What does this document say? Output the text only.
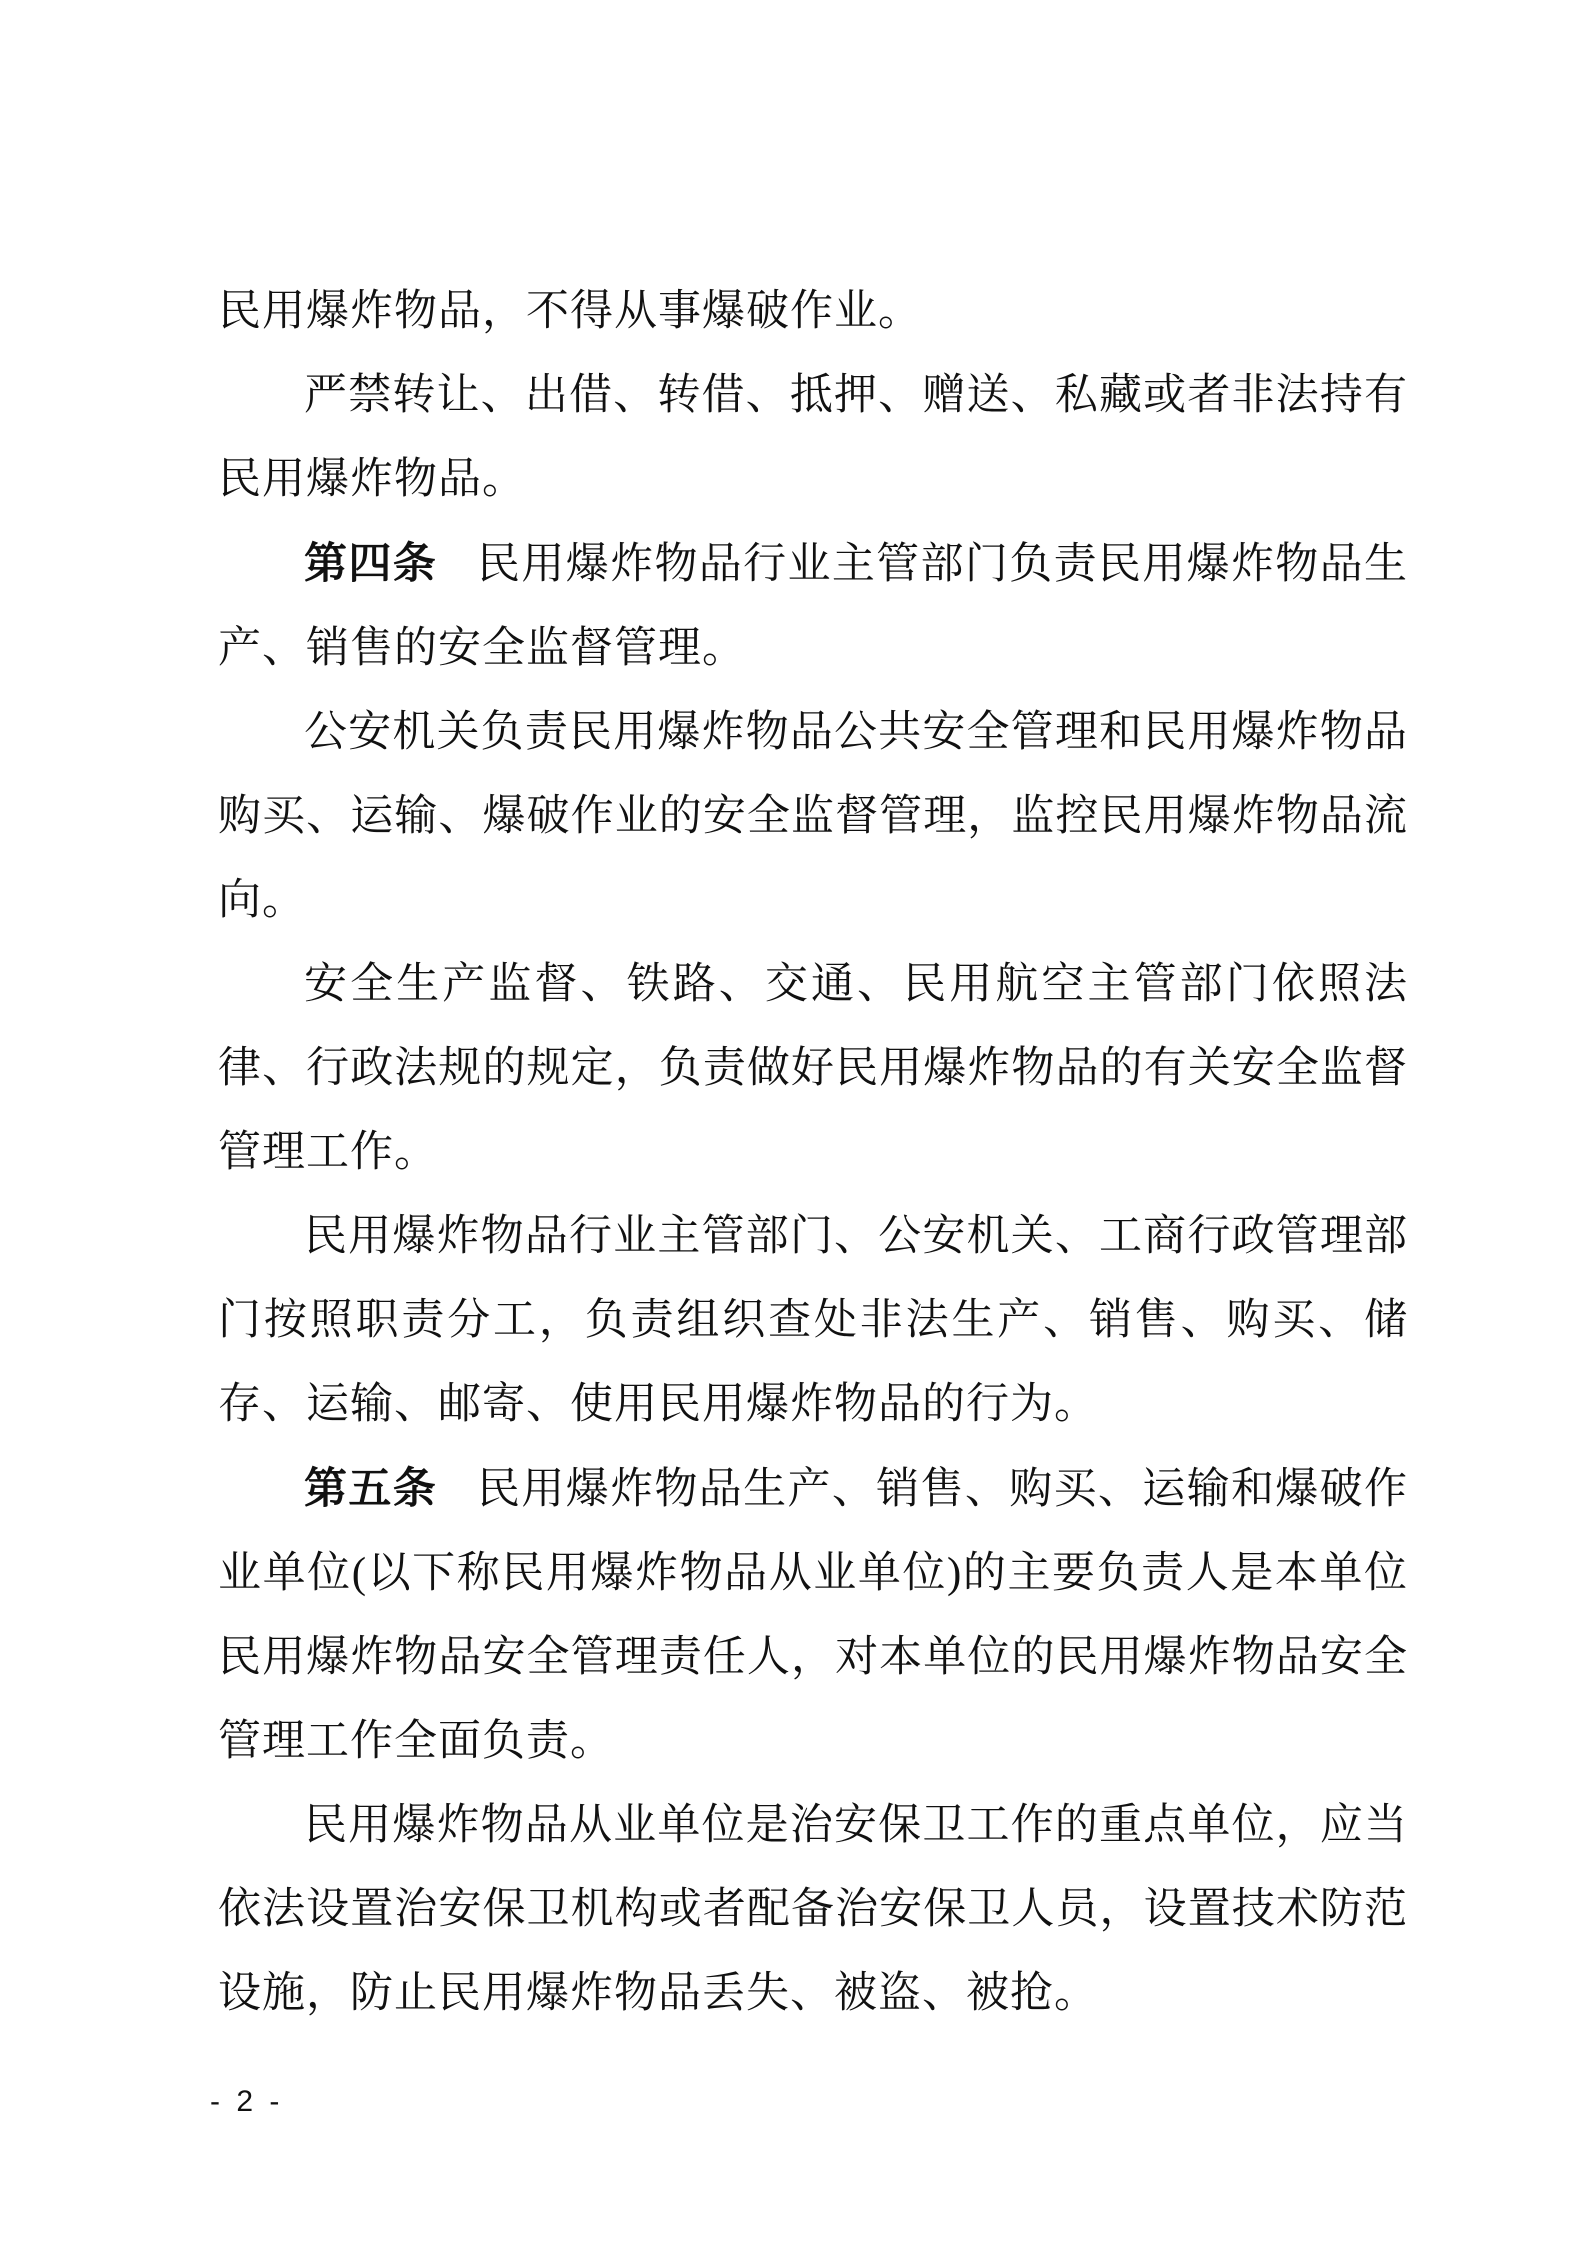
民用爆炸物品，不得从事爆破作业。

严禁转让、出借、转借、抵押、赠送、私藏或者非法持有民用爆炸物品。

第四条 民用爆炸物品行业主管部门负责民用爆炸物品生产、销售的安全监督管理。

公安机关负责民用爆炸物品公共安全管理和民用爆炸物品购买、运输、爆破作业的安全监督管理，监控民用爆炸物品流向。

安全生产监督、铁路、交通、民用航空主管部门依照法律、行政法规的规定，负责做好民用爆炸物品的有关安全监督管理工作。

民用爆炸物品行业主管部门、公安机关、工商行政管理部门按照职责分工，负责组织查处非法生产、销售、购买、储存、运输、邮寄、使用民用爆炸物品的行为。

第五条 民用爆炸物品生产、销售、购买、运输和爆破作业单位(以下称民用爆炸物品从业单位)的主要负责人是本单位民用爆炸物品安全管理责任人，对本单位的民用爆炸物品安全管理工作全面负责。

民用爆炸物品从业单位是治安保卫工作的重点单位，应当依法设置治安保卫机构或者配备治安保卫人员，设置技术防范设施，防止民用爆炸物品丢失、被盗、被抢。

- 2 -
